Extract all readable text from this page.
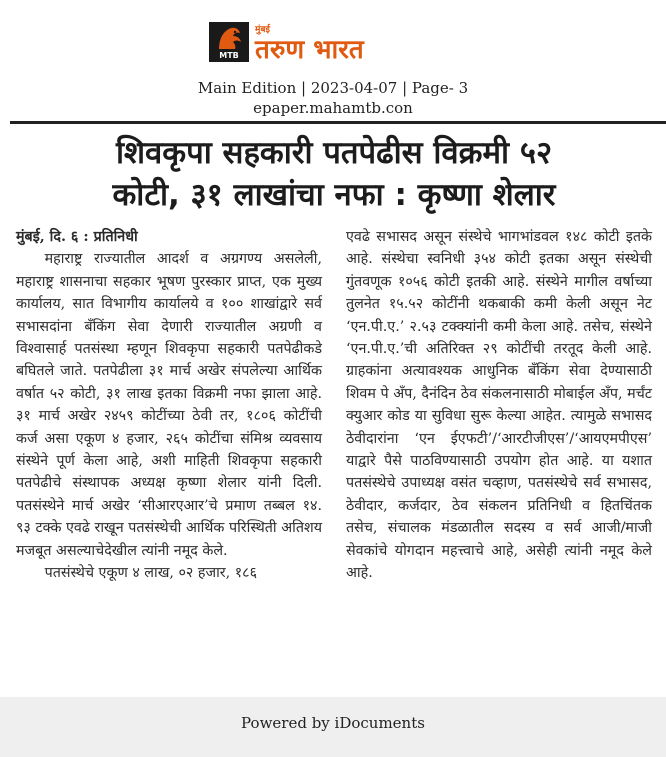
MTB
मुंबई
तरुण भारत
Main Edition | 2023-04-07 | Page- 3
epaper.mahamtb.con
शिवकृपा सहकारी पतपेढीस विक्रमी ५२
कोटी, ३१ लाखांचा नफा : कृष्णा शेलार
मुंबई, दि. ६ : प्रतिनिधी

महाराष्ट्र राज्यातील आदर्श व अग्रगण्य असलेली, महाराष्ट्र शासनाचा सहकार भूषण पुरस्कार प्राप्त, एक मुख्य कार्यालय, सात विभागीय कार्यालये व १०० शाखांद्वारे सर्व सभासदांना बँकिंग सेवा देणारी राज्यातील अग्रणी व विश्वासार्ह पतसंस्था म्हणून शिवकृपा सहकारी पतपेढीकडे बघितले जाते. पतपेढीला ३१ मार्च अखेर संपलेल्या आर्थिक वर्षात ५२ कोटी, ३१ लाख इतका विक्रमी नफा झाला आहे. ३१ मार्च अखेर २४५९ कोटींच्या ठेवी तर, १८०६ कोटींची कर्ज असा एकूण ४ हजार, २६५ कोटींचा संमिश्र व्यवसाय संस्थेने पूर्ण केला आहे, अशी माहिती शिवकृपा सहकारी पतपेढीचे संस्थापक अध्यक्ष कृष्णा शेलार यांनी दिली. पतसंस्थेने मार्च अखेर ‘सीआरएआर’चे प्रमाण तब्बल १४. ९३ टक्के एवढे राखून पतसंस्थेची आर्थिक परिस्थिती अतिशय मजबूत असल्याचेदेखील त्यांनी नमूद केले.

पतसंस्थेचे एकूण ४ लाख, ०२ हजार, १८६

एवढे सभासद असून संस्थेचे भागभांडवल १४८ कोटी इतके आहे. संस्थेचा स्वनिधी ३५४ कोटी इतका असून संस्थेची गुंतवणूक १०५६ कोटी इतकी आहे. संस्थेने मागील वर्षाच्या तुलनेत १५.५२ कोटींनी थकबाकी कमी केली असून नेट ‘एन.पी.ए.’ २.५३ टक्क्यांनी कमी केला आहे. तसेच, संस्थेने ‘एन.पी.ए.’ची अतिरिक्त २९ कोटींची तरतूद केली आहे. ग्राहकांना अत्यावश्यक आधुनिक बँकिंग सेवा देण्यासाठी शिवम पे अँप, दैनंदिन ठेव संकलनासाठी मोबाईल अँप, मर्चंट क्युआर कोड या सुविधा सुरू केल्या आहेत. त्यामुळे सभासद ठेवीदारांना ‘एन ईएफटी’/‘आरटीजीएस’/‘आयएमपीएस’ याद्वारे पैसे पाठविण्यासाठी उपयोग होत आहे. या यशात पतसंस्थेचे उपाध्यक्ष वसंत चव्हाण, पतसंस्थेचे सर्व सभासद, ठेवीदार, कर्जदार, ठेव संकलन प्रतिनिधी व हितचिंतक तसेच, संचालक मंडळातील सदस्य व सर्व आजी/माजी सेवकांचे योगदान महत्त्वाचे आहे, असेही त्यांनी नमूद केले आहे.

Powered by iDocuments
